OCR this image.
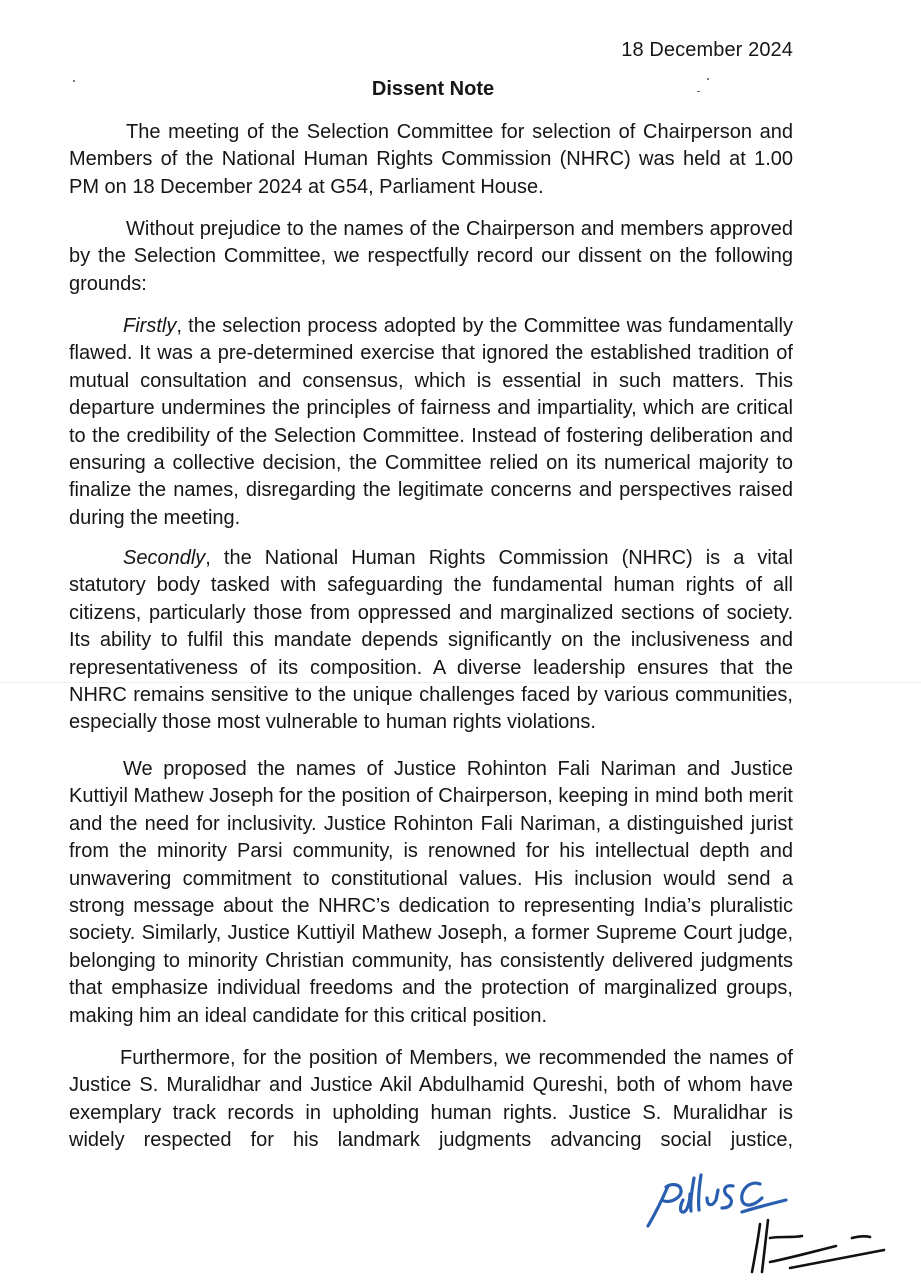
18 December 2024
Dissent Note

The meeting of the Selection Committee for selection of Chairperson and Members of the National Human Rights Commission (NHRC) was held at 1.00 PM on 18 December 2024 at G54, Parliament House.

Without prejudice to the names of the Chairperson and members approved by the Selection Committee, we respectfully record our dissent on the following grounds:

Firstly, the selection process adopted by the Committee was fundamentally flawed. It was a pre-determined exercise that ignored the established tradition of mutual consultation and consensus, which is essential in such matters. This departure undermines the principles of fairness and impartiality, which are critical to the credibility of the Selection Committee. Instead of fostering deliberation and ensuring a collective decision, the Committee relied on its numerical majority to finalize the names, disregarding the legitimate concerns and perspectives raised during the meeting.

Secondly, the National Human Rights Commission (NHRC) is a vital statutory body tasked with safeguarding the fundamental human rights of all citizens, particularly those from oppressed and marginalized sections of society. Its ability to fulfil this mandate depends significantly on the inclusiveness and representativeness of its composition. A diverse leadership ensures that the NHRC remains sensitive to the unique challenges faced by various communities, especially those most vulnerable to human rights violations.

We proposed the names of Justice Rohinton Fali Nariman and Justice Kuttiyil Mathew Joseph for the position of Chairperson, keeping in mind both merit and the need for inclusivity. Justice Rohinton Fali Nariman, a distinguished jurist from the minority Parsi community, is renowned for his intellectual depth and unwavering commitment to constitutional values. His inclusion would send a strong message about the NHRC’s dedication to representing India’s pluralistic society. Similarly, Justice Kuttiyil Mathew Joseph, a former Supreme Court judge, belonging to minority Christian community, has consistently delivered judgments that emphasize individual freedoms and the protection of marginalized groups, making him an ideal candidate for this critical position.

Furthermore, for the position of Members, we recommended the names of Justice S. Muralidhar and Justice Akil Abdulhamid Qureshi, both of whom have exemplary track records in upholding human rights. Justice S. Muralidhar is widely respected for his landmark judgments advancing social justice,
